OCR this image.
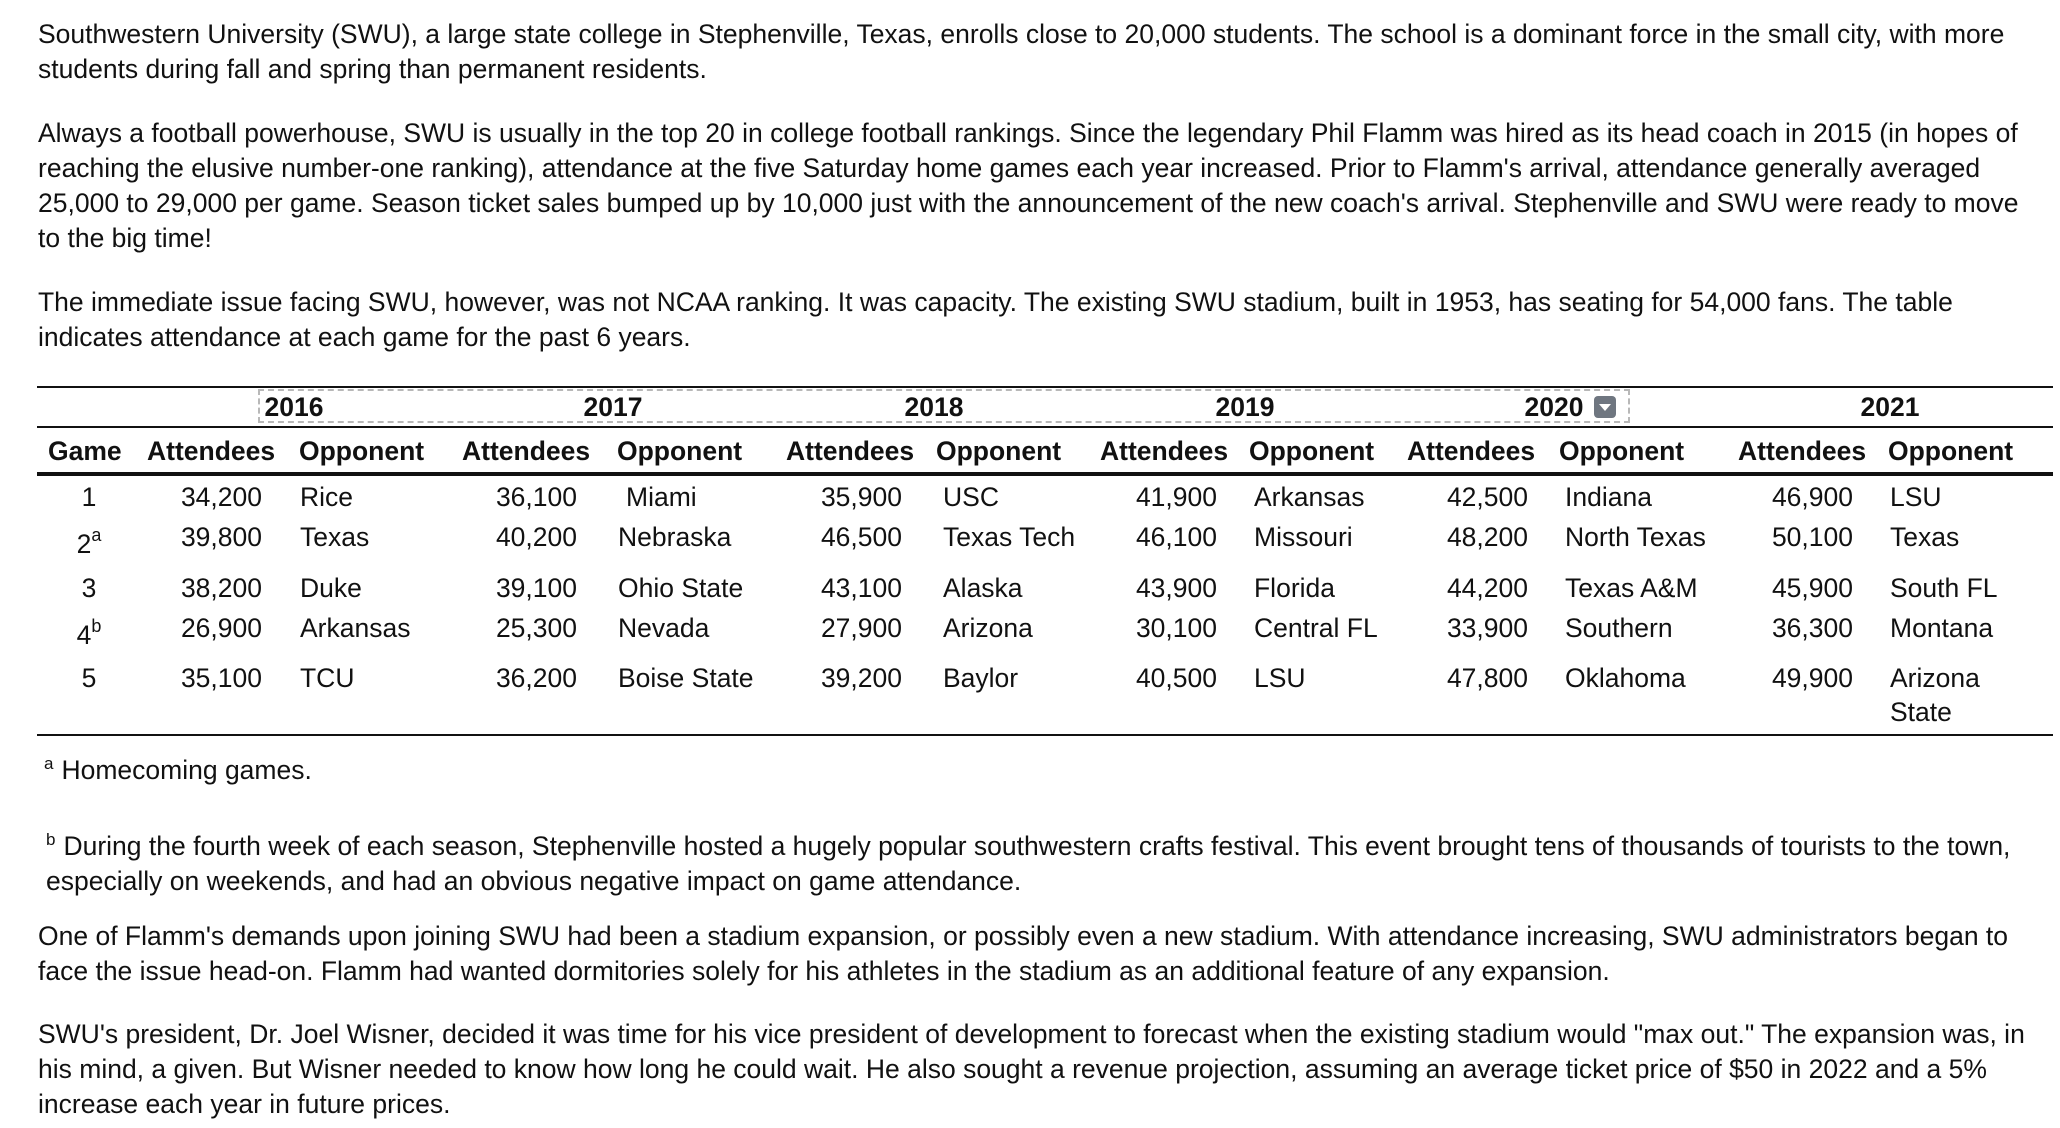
Southwestern University (SWU), a large state college in Stephenville, Texas, enrolls close to 20,000 students. The school is a dominant force in the small city, with more students during fall and spring than permanent residents.

Always a football powerhouse, SWU is usually in the top 20 in college football rankings. Since the legendary Phil Flamm was hired as its head coach in 2015 (in hopes of reaching the elusive number-one ranking), attendance at the five Saturday home games each year increased. Prior to Flamm's arrival, attendance generally averaged 25,000 to 29,000 per game. Season ticket sales bumped up by 10,000 just with the announcement of the new coach's arrival. Stephenville and SWU were ready to move to the big time!

The immediate issue facing SWU, however, was not NCAA ranking. It was capacity. The existing SWU stadium, built in 1953, has seating for 54,000 fans. The table indicates attendance at each game for the past 6 years.

2016	2017	2018	2019	2020	2021
Game Attendees Opponent Attendees Opponent Attendees Opponent Attendees Opponent Attendees Opponent Attendees Opponent
1	34,200 Rice	36,100 Miami	35,900 USC	41,900 Arkansas	42,500 Indiana	46,900 LSU
2$^a$	39,800 Texas	40,200 Nebraska	46,500 Texas Tech	46,100 Missouri	48,200 North Texas	50,100 Texas
3	38,200 Duke	39,100 Ohio State	43,100 Alaska	43,900 Florida	44,200 Texas A&M	45,900 South FL
4$^b$	26,900 Arkansas	25,300 Nevada	27,900 Arizona	30,100 Central FL	33,900 Southern	36,300 Montana
5	35,100 TCU	36,200 Boise State	39,200 Baylor	40,500 LSU	47,800 Oklahoma	49,900 Arizona State
$^a$ Homecoming games.
$^b$ During the fourth week of each season, Stephenville hosted a hugely popular southwestern crafts festival. This event brought tens of thousands of tourists to the town, especially on weekends, and had an obvious negative impact on game attendance.

One of Flamm's demands upon joining SWU had been a stadium expansion, or possibly even a new stadium. With attendance increasing, SWU administrators began to face the issue head-on. Flamm had wanted dormitories solely for his athletes in the stadium as an additional feature of any expansion.

SWU's president, Dr. Joel Wisner, decided it was time for his vice president of development to forecast when the existing stadium would "max out." The expansion was, in his mind, a given. But Wisner needed to know how long he could wait. He also sought a revenue projection, assuming an average ticket price of $50 in 2022 and a 5% increase each year in future prices.
